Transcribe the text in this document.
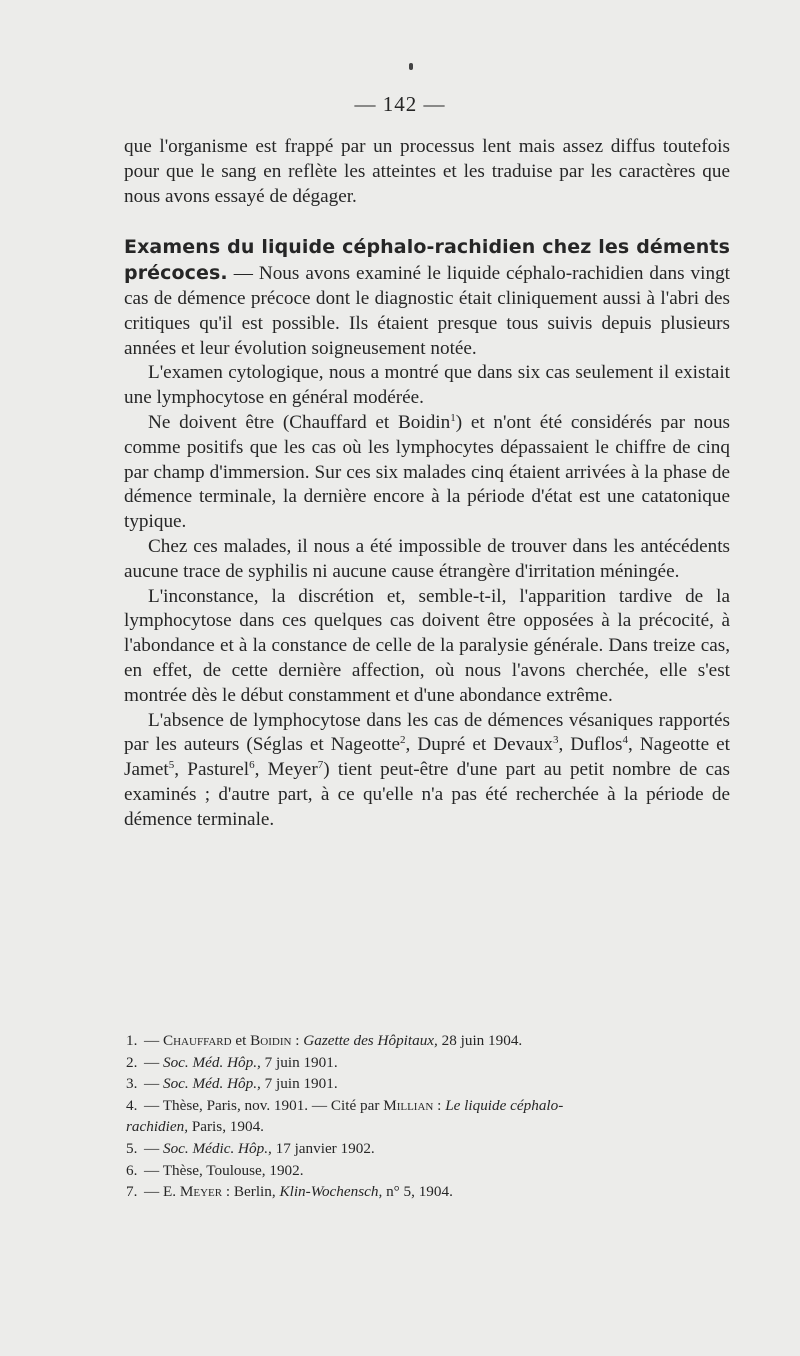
— 142 —

que l'organisme est frappé par un processus lent mais assez diffus toutefois pour que le sang en reflète les atteintes et les traduise par les caractères que nous avons essayé de dégager.

Examens du liquide céphalo-rachidien chez les déments précoces. — Nous avons examiné le liquide céphalo-rachidien dans vingt cas de démence précoce dont le diagnostic était cliniquement aussi à l'abri des critiques qu'il est possible. Ils étaient presque tous suivis depuis plusieurs années et leur évolution soigneusement notée.

L'examen cytologique, nous a montré que dans six cas seulement il existait une lymphocytose en général modérée.

Ne doivent être (Chauffard et Boidin$^1$) et n'ont été considérés par nous comme positifs que les cas où les lymphocytes dépassaient le chiffre de cinq par champ d'immersion. Sur ces six malades cinq étaient arrivées à la phase de démence terminale, la dernière encore à la période d'état est une catatonique typique.

Chez ces malades, il nous a été impossible de trouver dans les antécédents aucune trace de syphilis ni aucune cause étrangère d'irritation méningée.

L'inconstance, la discrétion et, semble-t-il, l'apparition tardive de la lymphocytose dans ces quelques cas doivent être opposées à la précocité, à l'abondance et à la constance de celle de la paralysie générale. Dans treize cas, en effet, de cette dernière affection, où nous l'avons cherchée, elle s'est montrée dès le début constamment et d'une abondance extrême.

L'absence de lymphocytose dans les cas de démences vésaniques rapportés par les auteurs (Séglas et Nageotte$^2$, Dupré et Devaux$^3$, Duflos$^4$, Nageotte et Jamet$^5$, Pasturel$^6$, Meyer$^7$) tient peut-être d'une part au petit nombre de cas examinés ; d'autre part, à ce qu'elle n'a pas été recherchée à la période de démence terminale.

1. — Chauffard et Boidin : Gazette des Hôpitaux, 28 juin 1904.
2. — Soc. Méd. Hôp., 7 juin 1901.
3. — Soc. Méd. Hôp., 7 juin 1901.
4. — Thèse, Paris, nov. 1901. — Cité par Millian : Le liquide céphalo-
rachidien, Paris, 1904.
5. — Soc. Médic. Hôp., 17 janvier 1902.
6. — Thèse, Toulouse, 1902.
7. — E. Meyer : Berlin, Klin-Wochensch, n° 5, 1904.
